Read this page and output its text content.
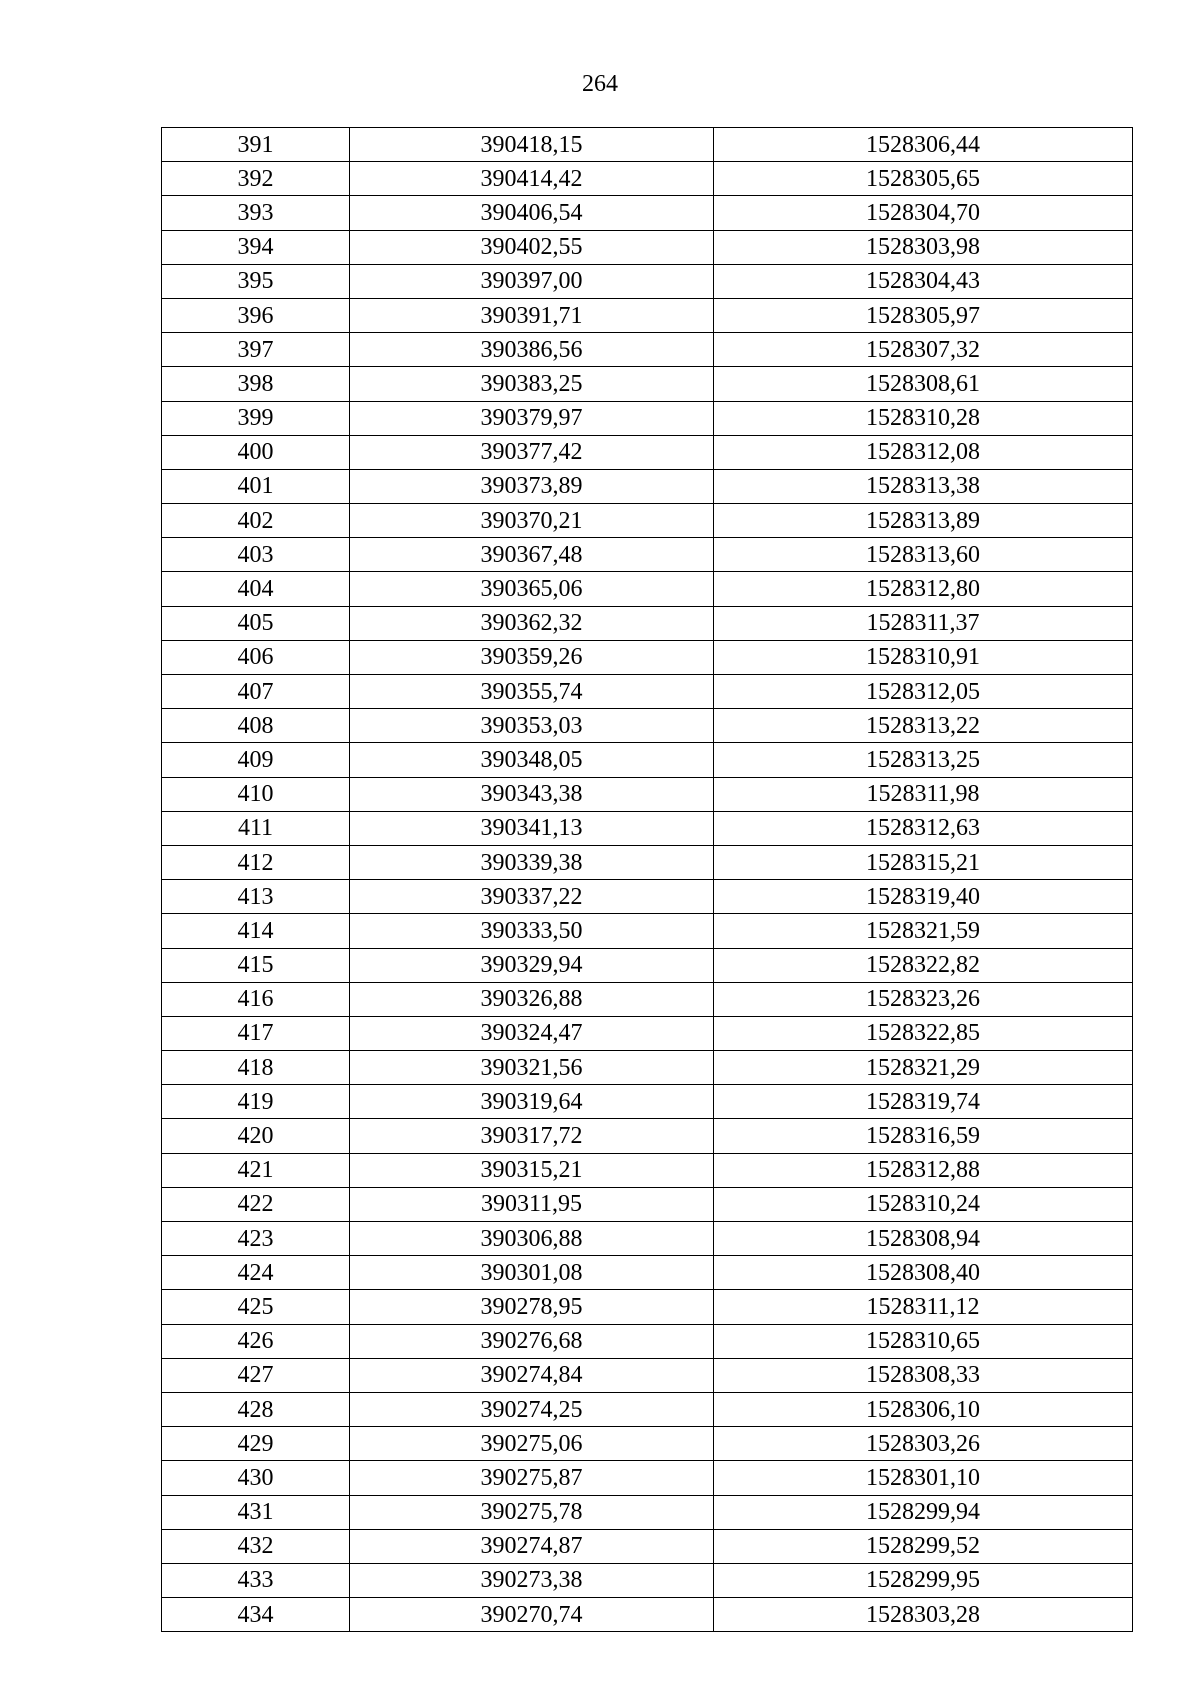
264
391	390418,15	1528306,44
392	390414,42	1528305,65
393	390406,54	1528304,70
394	390402,55	1528303,98
395	390397,00	1528304,43
396	390391,71	1528305,97
397	390386,56	1528307,32
398	390383,25	1528308,61
399	390379,97	1528310,28
400	390377,42	1528312,08
401	390373,89	1528313,38
402	390370,21	1528313,89
403	390367,48	1528313,60
404	390365,06	1528312,80
405	390362,32	1528311,37
406	390359,26	1528310,91
407	390355,74	1528312,05
408	390353,03	1528313,22
409	390348,05	1528313,25
410	390343,38	1528311,98
411	390341,13	1528312,63
412	390339,38	1528315,21
413	390337,22	1528319,40
414	390333,50	1528321,59
415	390329,94	1528322,82
416	390326,88	1528323,26
417	390324,47	1528322,85
418	390321,56	1528321,29
419	390319,64	1528319,74
420	390317,72	1528316,59
421	390315,21	1528312,88
422	390311,95	1528310,24
423	390306,88	1528308,94
424	390301,08	1528308,40
425	390278,95	1528311,12
426	390276,68	1528310,65
427	390274,84	1528308,33
428	390274,25	1528306,10
429	390275,06	1528303,26
430	390275,87	1528301,10
431	390275,78	1528299,94
432	390274,87	1528299,52
433	390273,38	1528299,95
434	390270,74	1528303,28
